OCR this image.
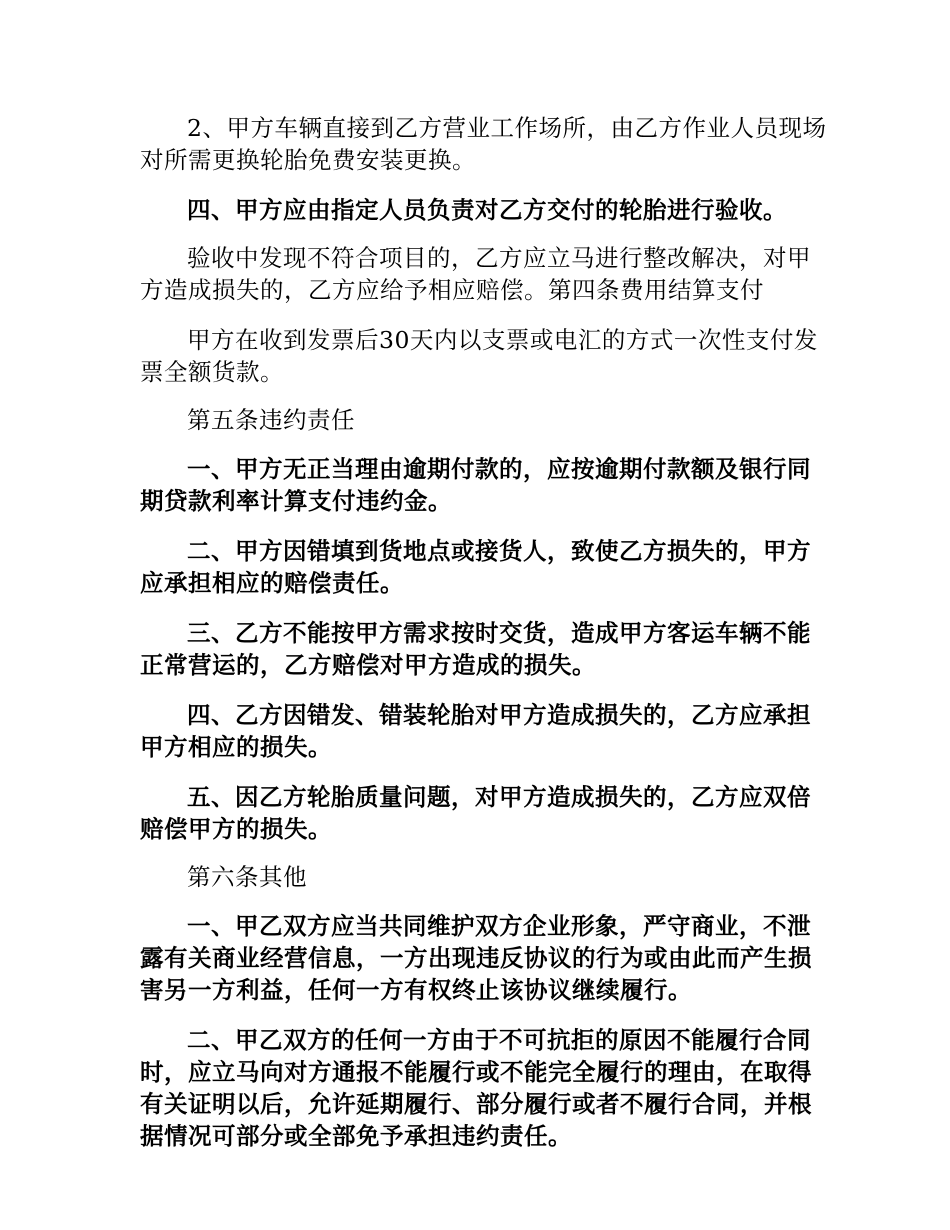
2、甲方车辆直接到乙方营业工作场所，由乙方作业人员现场对所需更换轮胎免费安装更换。

四、甲方应由指定人员负责对乙方交付的轮胎进行验收。

验收中发现不符合项目的，乙方应立马进行整改解决，对甲方造成损失的，乙方应给予相应赔偿。第四条费用结算支付

甲方在收到发票后30天内以支票或电汇的方式一次性支付发票全额货款。

第五条违约责任

一、甲方无正当理由逾期付款的，应按逾期付款额及银行同期贷款利率计算支付违约金。

二、甲方因错填到货地点或接货人，致使乙方损失的，甲方应承担相应的赔偿责任。

三、乙方不能按甲方需求按时交货，造成甲方客运车辆不能正常营运的，乙方赔偿对甲方造成的损失。

四、乙方因错发、错装轮胎对甲方造成损失的，乙方应承担甲方相应的损失。

五、因乙方轮胎质量问题，对甲方造成损失的，乙方应双倍赔偿甲方的损失。

第六条其他

一、甲乙双方应当共同维护双方企业形象，严守商业，不泄露有关商业经营信息，一方出现违反协议的行为或由此而产生损害另一方利益，任何一方有权终止该协议继续履行。

二、甲乙双方的任何一方由于不可抗拒的原因不能履行合同时，应立马向对方通报不能履行或不能完全履行的理由，在取得有关证明以后，允许延期履行、部分履行或者不履行合同，并根据情况可部分或全部免予承担违约责任。
